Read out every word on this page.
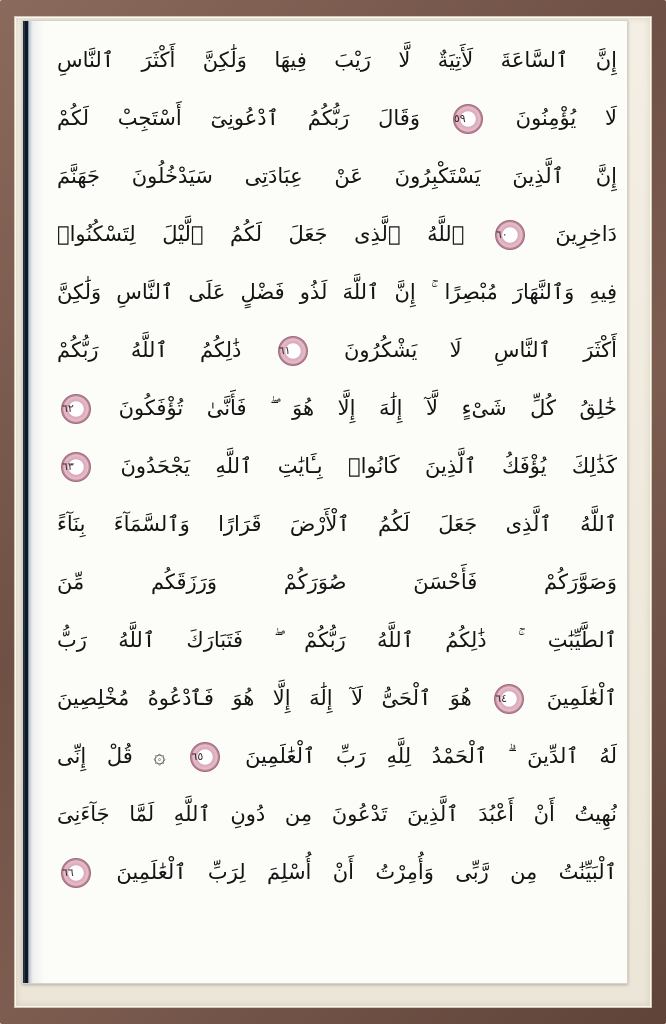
إِنَّ ٱلسَّاعَةَ لَأَتِيَةٌ لَّا رَيْبَ فِيهَا وَلَٰكِنَّ أَكْثَرَ ٱلنَّاسِ
لَا يُؤْمِنُونَ ٥٩ وَقَالَ رَبُّكُمُ ٱدْعُونِىٓ أَسْتَجِبْ لَكُمْ
إِنَّ ٱلَّذِينَ يَسْتَكْبِرُونَ عَنْ عِبَادَتِى سَيَدْخُلُونَ جَهَنَّمَ
دَاخِرِينَ ٦٠ ٱللَّهُ ٱلَّذِى جَعَلَ لَكُمُ ٱلَّيْلَ لِتَسْكُنُوا۟
فِيهِ وَٱلنَّهَارَ مُبْصِرًا ۚ إِنَّ ٱللَّهَ لَذُو فَضْلٍ عَلَى ٱلنَّاسِ وَلَٰكِنَّ
أَكْثَرَ ٱلنَّاسِ لَا يَشْكُرُونَ ٦١ ذَٰلِكُمُ ٱللَّهُ رَبُّكُمْ
خَٰلِقُ كُلِّ شَىْءٍ لَّآ إِلَٰهَ إِلَّا هُوَ ۖ فَأَنَّىٰ تُؤْفَكُونَ ٦٢
كَذَٰلِكَ يُؤْفَكُ ٱلَّذِينَ كَانُوا۟ بِـَٔايَٰتِ ٱللَّهِ يَجْحَدُونَ ٦٣
ٱللَّهُ ٱلَّذِى جَعَلَ لَكُمُ ٱلْأَرْضَ قَرَارًا وَٱلسَّمَآءَ بِنَآءً
وَصَوَّرَكُمْ فَأَحْسَنَ صُوَرَكُمْ وَرَزَقَكُم مِّنَ
ٱلطَّيِّبَٰتِ ۚ ذَٰلِكُمُ ٱللَّهُ رَبُّكُمْ ۖ فَتَبَارَكَ ٱللَّهُ رَبُّ
ٱلْعَٰلَمِينَ ٦٤ هُوَ ٱلْحَىُّ لَآ إِلَٰهَ إِلَّا هُوَ فَٱدْعُوهُ مُخْلِصِينَ
لَهُ ٱلدِّينَ ۗ ٱلْحَمْدُ لِلَّهِ رَبِّ ٱلْعَٰلَمِينَ ٦٥ ۞ قُلْ إِنِّى
نُهِيتُ أَنْ أَعْبُدَ ٱلَّذِينَ تَدْعُونَ مِن دُونِ ٱللَّهِ لَمَّا جَآءَنِىَ
ٱلْبَيِّنَٰتُ مِن رَّبِّى وَأُمِرْتُ أَنْ أُسْلِمَ لِرَبِّ ٱلْعَٰلَمِينَ ٦٦
